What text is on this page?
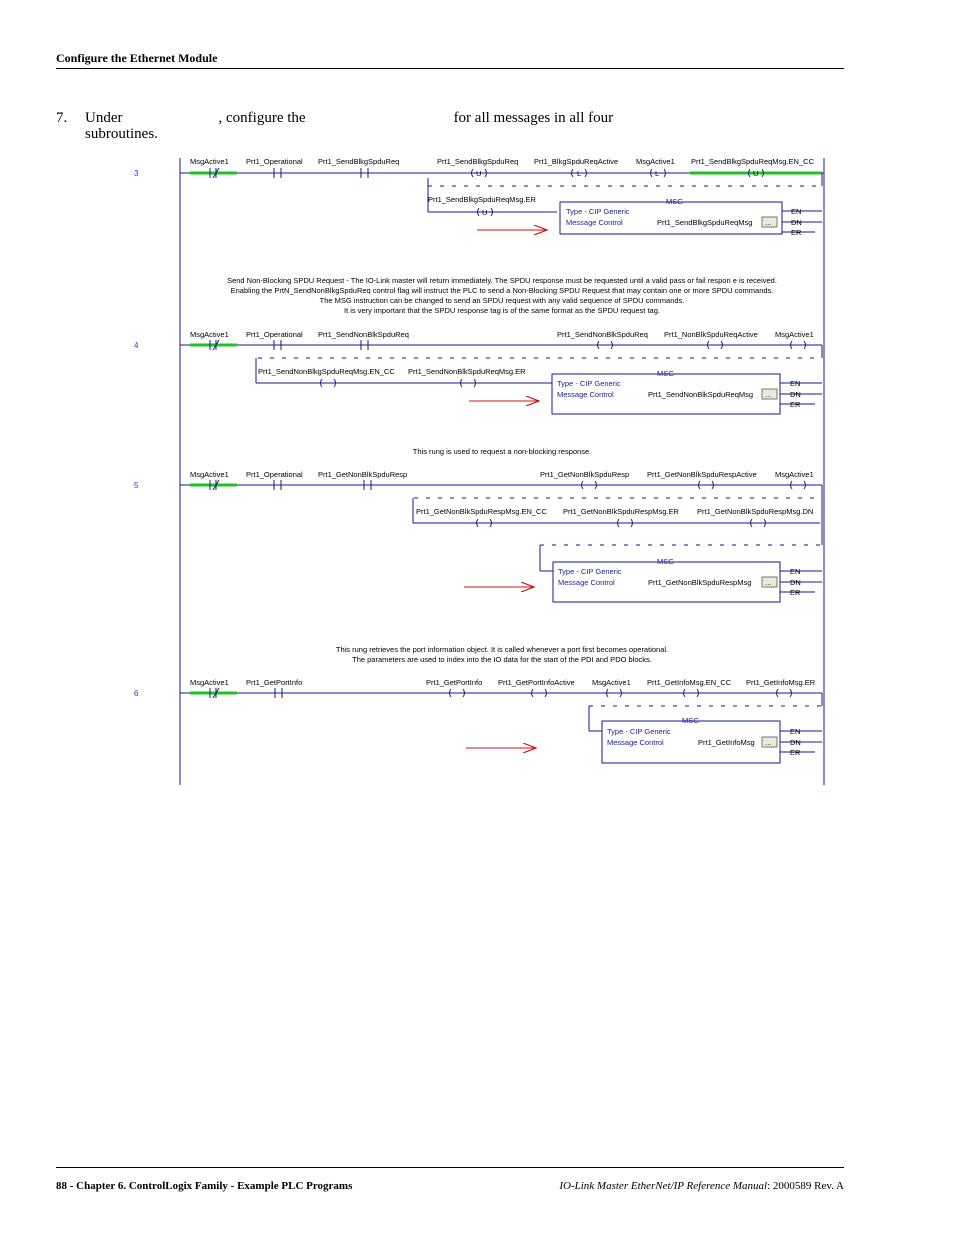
Configure the Ethernet Module
7. Under	, configure the	for all messages in all four
subroutines.
3
MsgActive1 Prt1_Operational Prt1_SendBlkgSpduReq	Prt1_SendBlkgSpduReq Prt1_BlkgSpduReqActive MsgActive1 Prt1_SendBlkgSpduReqMsg.EN_CC
U	L	L	U
Prt1_SendBlkgSpduReqMsg.ER
U
MSG
Type - CIP Generic
Message Control	Prt1_SendBlkgSpduReqMsg ...
EN
DN
ER
Send Non-Blocking SPDU Request - The IO-Link master will return immediately. The SPDU response must be requested until a valid pass or fail respon e is received.
Enabling the PrtN_SendNonBlkgSpduReq control flag will instruct the PLC to send a Non-Blocking SPDU Request that may contain one or more SPDU commands.
The MSG instruction can be changed to send an SPDU request with any valid sequence of SPDU commands.
It is very important that the SPDU response tag is of the same format as the SPDU request tag.
4
MsgActive1 Prt1_Operational Prt1_SendNonBlkSpduReq	Prt1_SendNonBlkSpduReq Prt1_NonBlkSpduReqActive MsgActive1
Prt1_SendNonBlkgSpduReqMsg.EN_CC Prt1_SendNonBlkSpduReqMsg.ER	MSG
Type - CIP Generic
Message Control	Prt1_SendNonBlkSpduReqMsg ...
EN
DN
ER
This rung is used to request a non-blocking response.
5
MsgActive1 Prt1_Operational Prt1_GetNonBlkSpduResp	Prt1_GetNonBlkSpduResp Prt1_GetNonBlkSpduRespActive MsgActive1
Prt1_GetNonBlkSpduRespMsg.EN_CC Prt1_GetNonBlkSpduRespMsg.ER Prt1_GetNonBlkSpduRespMsg.DN
MSG
Type - CIP Generic
Message Control	Prt1_GetNonBlkSpduRespMsg ...
EN
DN
ER
This rung retrieves the port information object. It is called whenever a port first becomes operational.
The parameters are used to index into the IO data for the start of the PDI and PDO blocks.
6
MsgActive1 Prt1_GetPortInfo	Prt1_GetPortInfo Prt1_GetPortInfoActive MsgActive1 Prt1_GetInfoMsg.EN_CC Prt1_GetInfoMsg.ER
MSG
Type - CIP Generic
Message Control	Prt1_GetInfoMsg ...
EN
DN
ER
88 - Chapter 6. ControlLogix Family - Example PLC Programs	IO-Link Master EtherNet/IP Reference Manual: 2000589 Rev. A
